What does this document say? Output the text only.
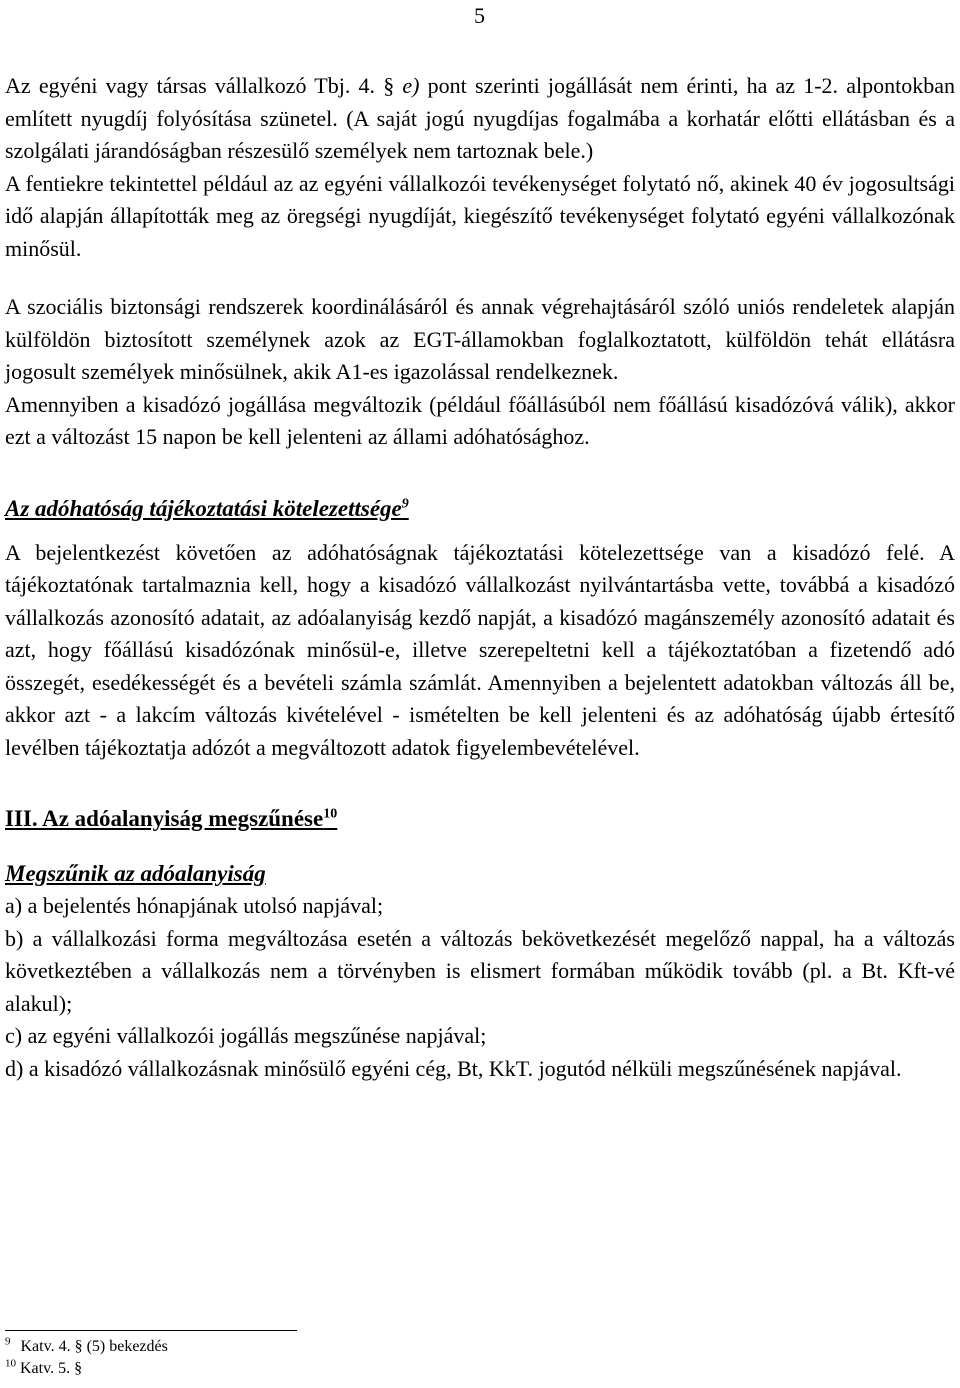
5

Az egyéni vagy társas vállalkozó Tbj. 4. § e) pont szerinti jogállását nem érinti, ha az 1-2. alpontokban említett nyugdíj folyósítása szünetel. (A saját jogú nyugdíjas fogalmába a korhatár előtti ellátásban és a szolgálati járandóságban részesülő személyek nem tartoznak bele.)

A fentiekre tekintettel például az az egyéni vállalkozói tevékenységet folytató nő, akinek 40 év jogosultsági idő alapján állapították meg az öregségi nyugdíját, kiegészítő tevékenységet folytató egyéni vállalkozónak minősül.

A szociális biztonsági rendszerek koordinálásáról és annak végrehajtásáról szóló uniós rendeletek alapján külföldön biztosított személynek azok az EGT-államokban foglalkoztatott, külföldön tehát ellátásra jogosult személyek minősülnek, akik A1-es igazolással rendelkeznek.

Amennyiben a kisadózó jogállása megváltozik (például főállásúból nem főállású kisadózóvá válik), akkor ezt a változást 15 napon be kell jelenteni az állami adóhatósághoz.

Az adóhatóság tájékoztatási kötelezettsége$^9$

A bejelentkezést követően az adóhatóságnak tájékoztatási kötelezettsége van a kisadózó felé. A tájékoztatónak tartalmaznia kell, hogy a kisadózó vállalkozást nyilvántartásba vette, továbbá a kisadózó vállalkozás azonosító adatait, az adóalanyiság kezdő napját, a kisadózó magánszemély azonosító adatait és azt, hogy főállású kisadózónak minősül-e, illetve szerepeltetni kell a tájékoztatóban a fizetendő adó összegét, esedékességét és a bevételi számla számlát. Amennyiben a bejelentett adatokban változás áll be, akkor azt - a lakcím változás kivételével - ismételten be kell jelenteni és az adóhatóság újabb értesítő levélben tájékoztatja adózót a megváltozott adatok figyelembevételével.

III. Az adóalanyiság megszűnése$^{10}$
Megszűnik az adóalanyiság

a) a bejelentés hónapjának utolsó napjával;

b) a vállalkozási forma megváltozása esetén a változás bekövetkezését megelőző nappal, ha a változás következtében a vállalkozás nem a törvényben is elismert formában működik tovább (pl. a Bt. Kft-vé alakul);

c) az egyéni vállalkozói jogállás megszűnése napjával;

d) a kisadózó vállalkozásnak minősülő egyéni cég, Bt, KkT. jogutód nélküli megszűnésének napjával.

$^9$ Katv. 4. § (5) bekezdés
$^{10}$ Katv. 5. §
